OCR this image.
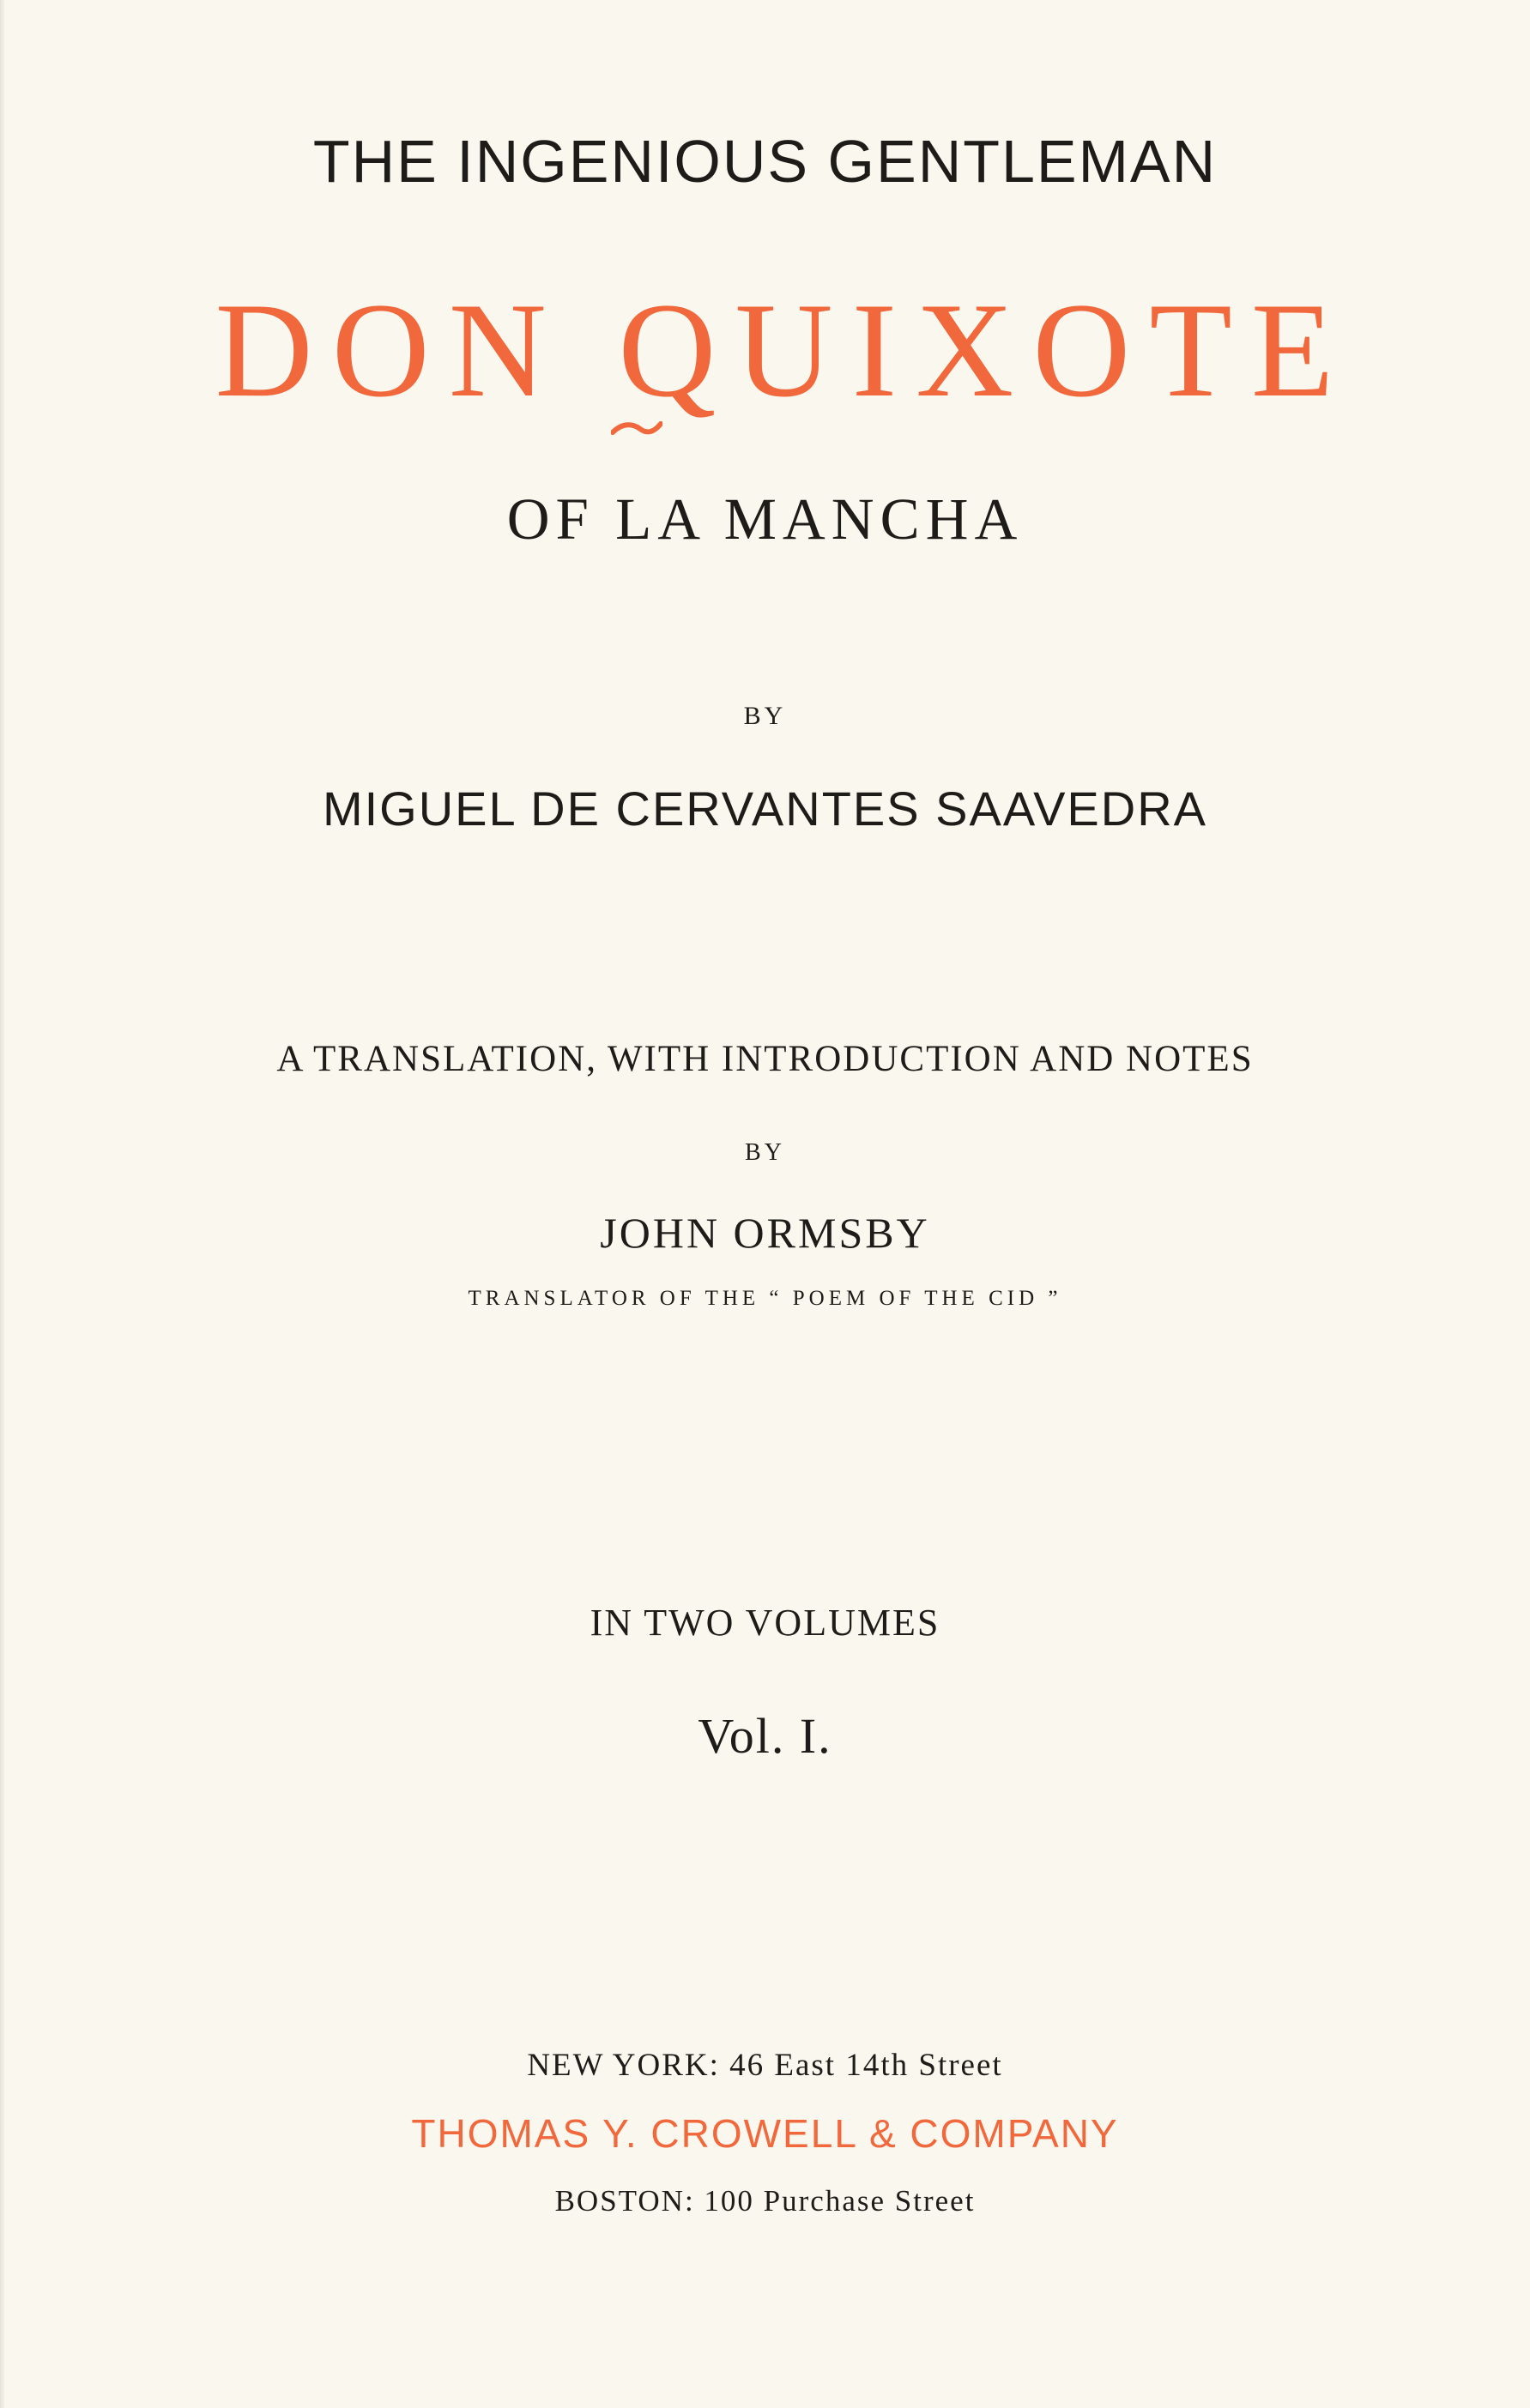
THE INGENIOUS GENTLEMAN
DON QUIXOTE

OF LA MANCHA

BY

MIGUEL DE CERVANTES SAAVEDRA

A TRANSLATION, WITH INTRODUCTION AND NOTES

BY

JOHN ORMSBY

TRANSLATOR OF THE “ POEM OF THE CID ”

IN TWO VOLUMES

Vol. I.

NEW YORK: 46 East 14th Street

THOMAS Y. CROWELL & COMPANY

BOSTON: 100 Purchase Street
